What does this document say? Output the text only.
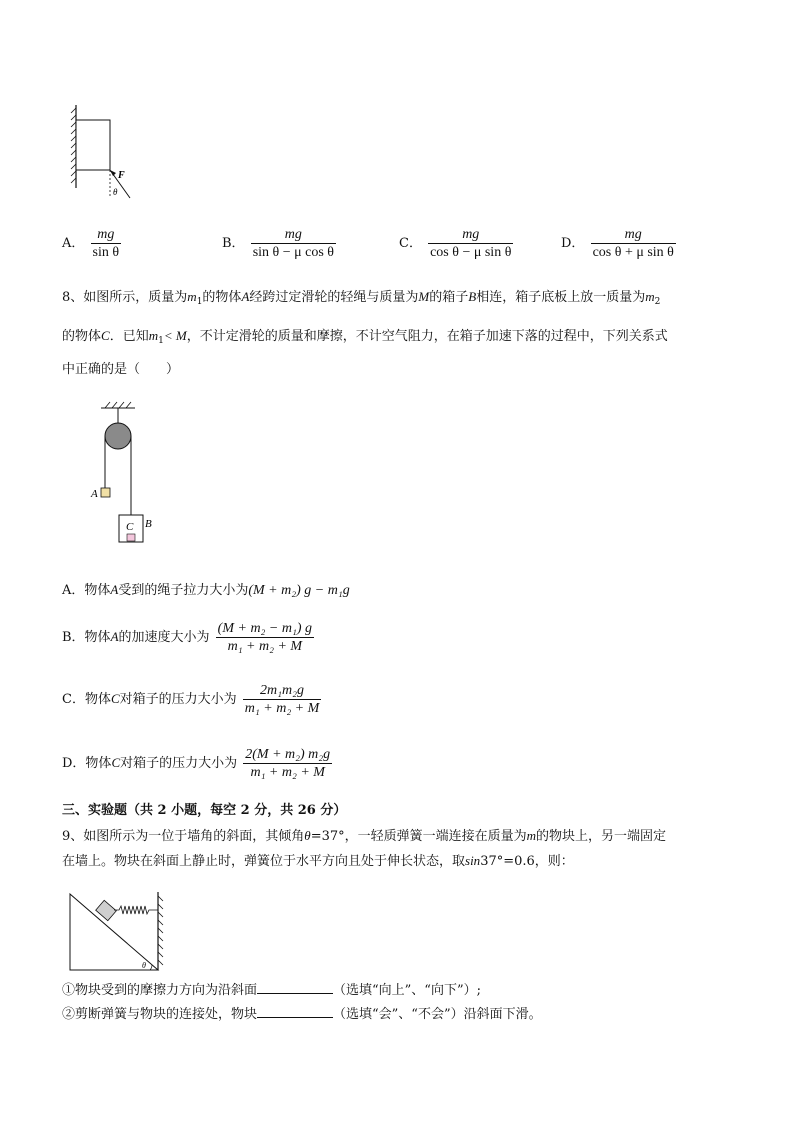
F
θ
A． $\frac{mg}{\text{sin θ}}$	B． $\frac{mg}{\text{sin θ − μ cos θ}}$	C． $\frac{mg}{\text{cos θ − μ sin θ}}$	D． $\frac{mg}{\text{cos θ + μ sin θ}}$
8、如图所示，质量为$m_1$的物体A经跨过定滑轮的轻绳与质量为M的箱子B相连，箱子底板上放一质量为$m_2$
的物体C．已知$m_1< M$，不计定滑轮的质量和摩擦，不计空气阻力，在箱子加速下落的过程中，下列关系式
中正确的是（　　）
A
C B
A．物体A受到的绳子拉力大小为(M + m₂) g − m₁g
B．物体A的加速度大小为 $\frac{\text{(M + m₂ − m₁) g}}{\text{m₁ + m₂ + M}}$
C．物体C对箱子的压力大小为 $\frac{\text{2m₁m₂g}}{\text{m₁ + m₂ + M}}$
D．物体C对箱子的压力大小为 $\frac{\text{2(M + m₂) m₂g}}{\text{m₁ + m₂ + M}}$
三、实验题（共 2 小题，每空 2 分，共 26 分）
9、如图所示为一位于墙角的斜面，其倾角θ=37°，一轻质弹簧一端连接在质量为m的物块上，另一端固定
在墙上。物块在斜面上静止时，弹簧位于水平方向且处于伸长状态，取sin37°=0.6，则：
θ
①物块受到的摩擦力方向为沿斜面	（选填“向上”、“向下”）;
②剪断弹簧与物块的连接处，物块	（选填“会”、“不会”）沿斜面下滑。
